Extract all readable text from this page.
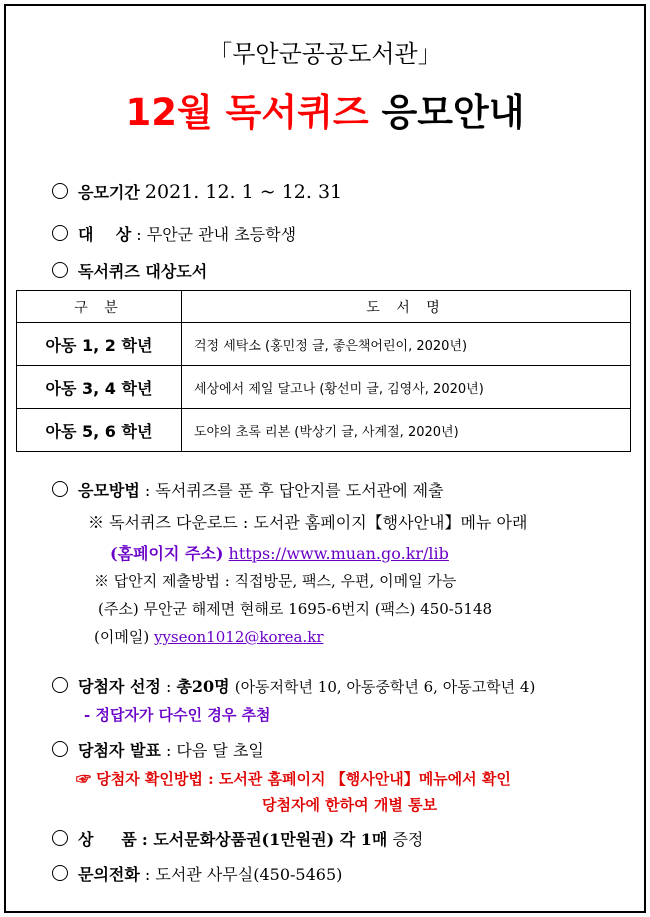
「무안군공공도서관」
12월 독서퀴즈 응모안내
응모기간 2021. 12. 1 ~ 12. 31
대    상 : 무안군 관내 초등학생
독서퀴즈 대상도서
구 분	도 서 명
아동 1, 2 학년	걱정 세탁소 (홍민정 글, 좋은책어린이, 2020년)
아동 3, 4 학년	세상에서 제일 달고나 (황선미 글, 김영사, 2020년)
아동 5, 6 학년	도야의 초록 리본 (박상기 글, 사계절, 2020년)
응모방법 : 독서퀴즈를 푼 후 답안지를 도서관에 제출
※ 독서퀴즈 다운로드 : 도서관 홈페이지【행사안내】메뉴 아래
(홈페이지 주소) https://www.muan.go.kr/lib
※ 답안지 제출방법 : 직접방문, 팩스, 우편, 이메일 가능
(주소) 무안군 해제면 현해로 1695-6번지 (팩스) 450-5148
(이메일) yyseon1012@korea.kr
당첨자 선정 : 총20명 (아동저학년 10, 아동중학년 6, 아동고학년 4)
- 정답자가 다수인 경우 추첨
당첨자 발표 : 다음 달 초일
☞ 당첨자 확인방법 : 도서관 홈페이지 【행사안내】메뉴에서 확인
당첨자에 한하여 개별 통보
상     품 : 도서문화상품권(1만원권) 각 1매 증정
문의전화 : 도서관 사무실(450-5465)
